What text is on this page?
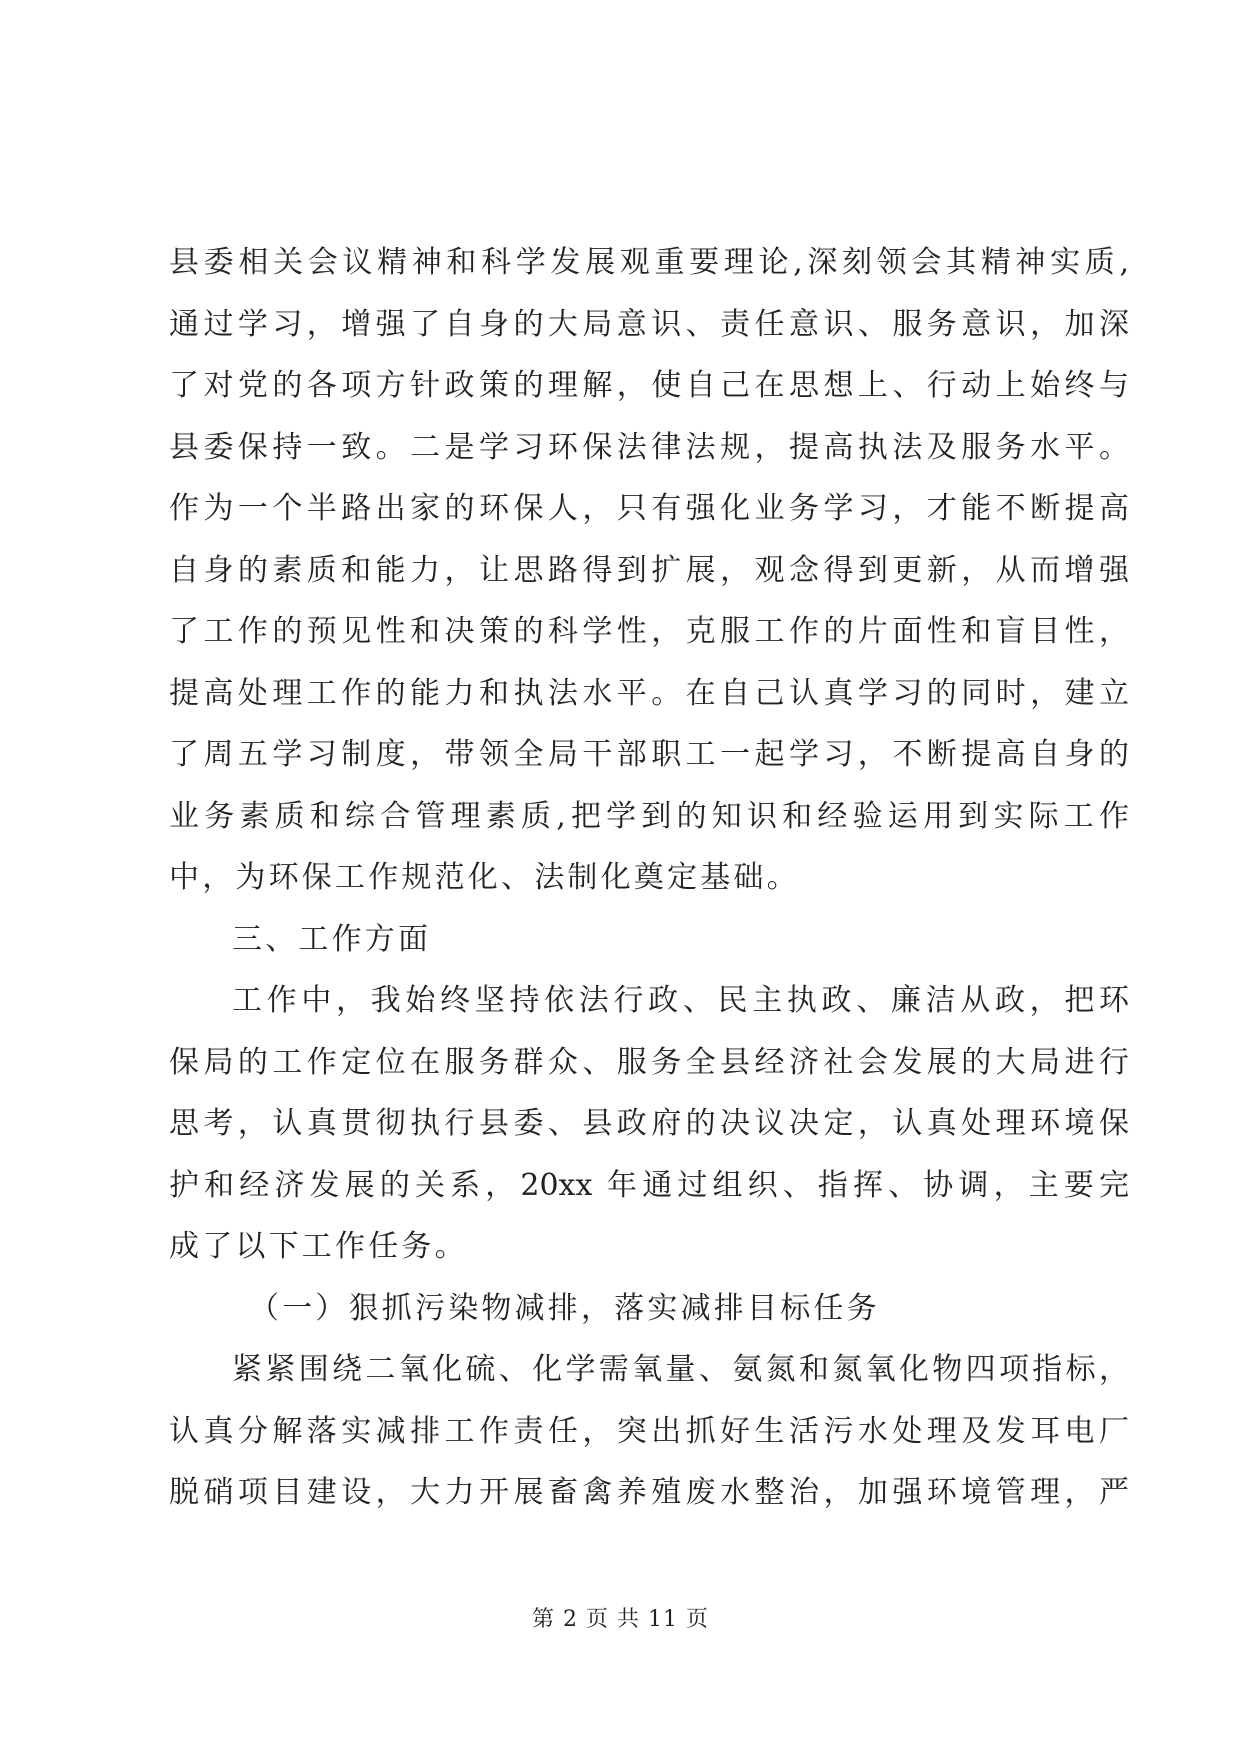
县委相关会议精神和科学发展观重要理论,深刻领会其精神实质,
通过学习，增强了自身的大局意识、责任意识、服务意识，加深
了对党的各项方针政策的理解，使自己在思想上、行动上始终与
县委保持一致。二是学习环保法律法规，提高执法及服务水平。
作为一个半路出家的环保人，只有强化业务学习，才能不断提高
自身的素质和能力，让思路得到扩展，观念得到更新，从而增强
了工作的预见性和决策的科学性，克服工作的片面性和盲目性，
提高处理工作的能力和执法水平。在自己认真学习的同时，建立
了周五学习制度，带领全局干部职工一起学习，不断提高自身的
业务素质和综合管理素质,把学到的知识和经验运用到实际工作
中，为环保工作规范化、法制化奠定基础。
三、工作方面
工作中，我始终坚持依法行政、民主执政、廉洁从政，把环
保局的工作定位在服务群众、服务全县经济社会发展的大局进行
思考，认真贯彻执行县委、县政府的决议决定，认真处理环境保
护和经济发展的关系，20xx 年通过组织、指挥、协调，主要完
成了以下工作任务。
（一）狠抓污染物减排，落实减排目标任务
紧紧围绕二氧化硫、化学需氧量、氨氮和氮氧化物四项指标，
认真分解落实减排工作责任，突出抓好生活污水处理及发耳电厂
脱硝项目建设，大力开展畜禽养殖废水整治，加强环境管理，严
第 2 页 共 11 页
